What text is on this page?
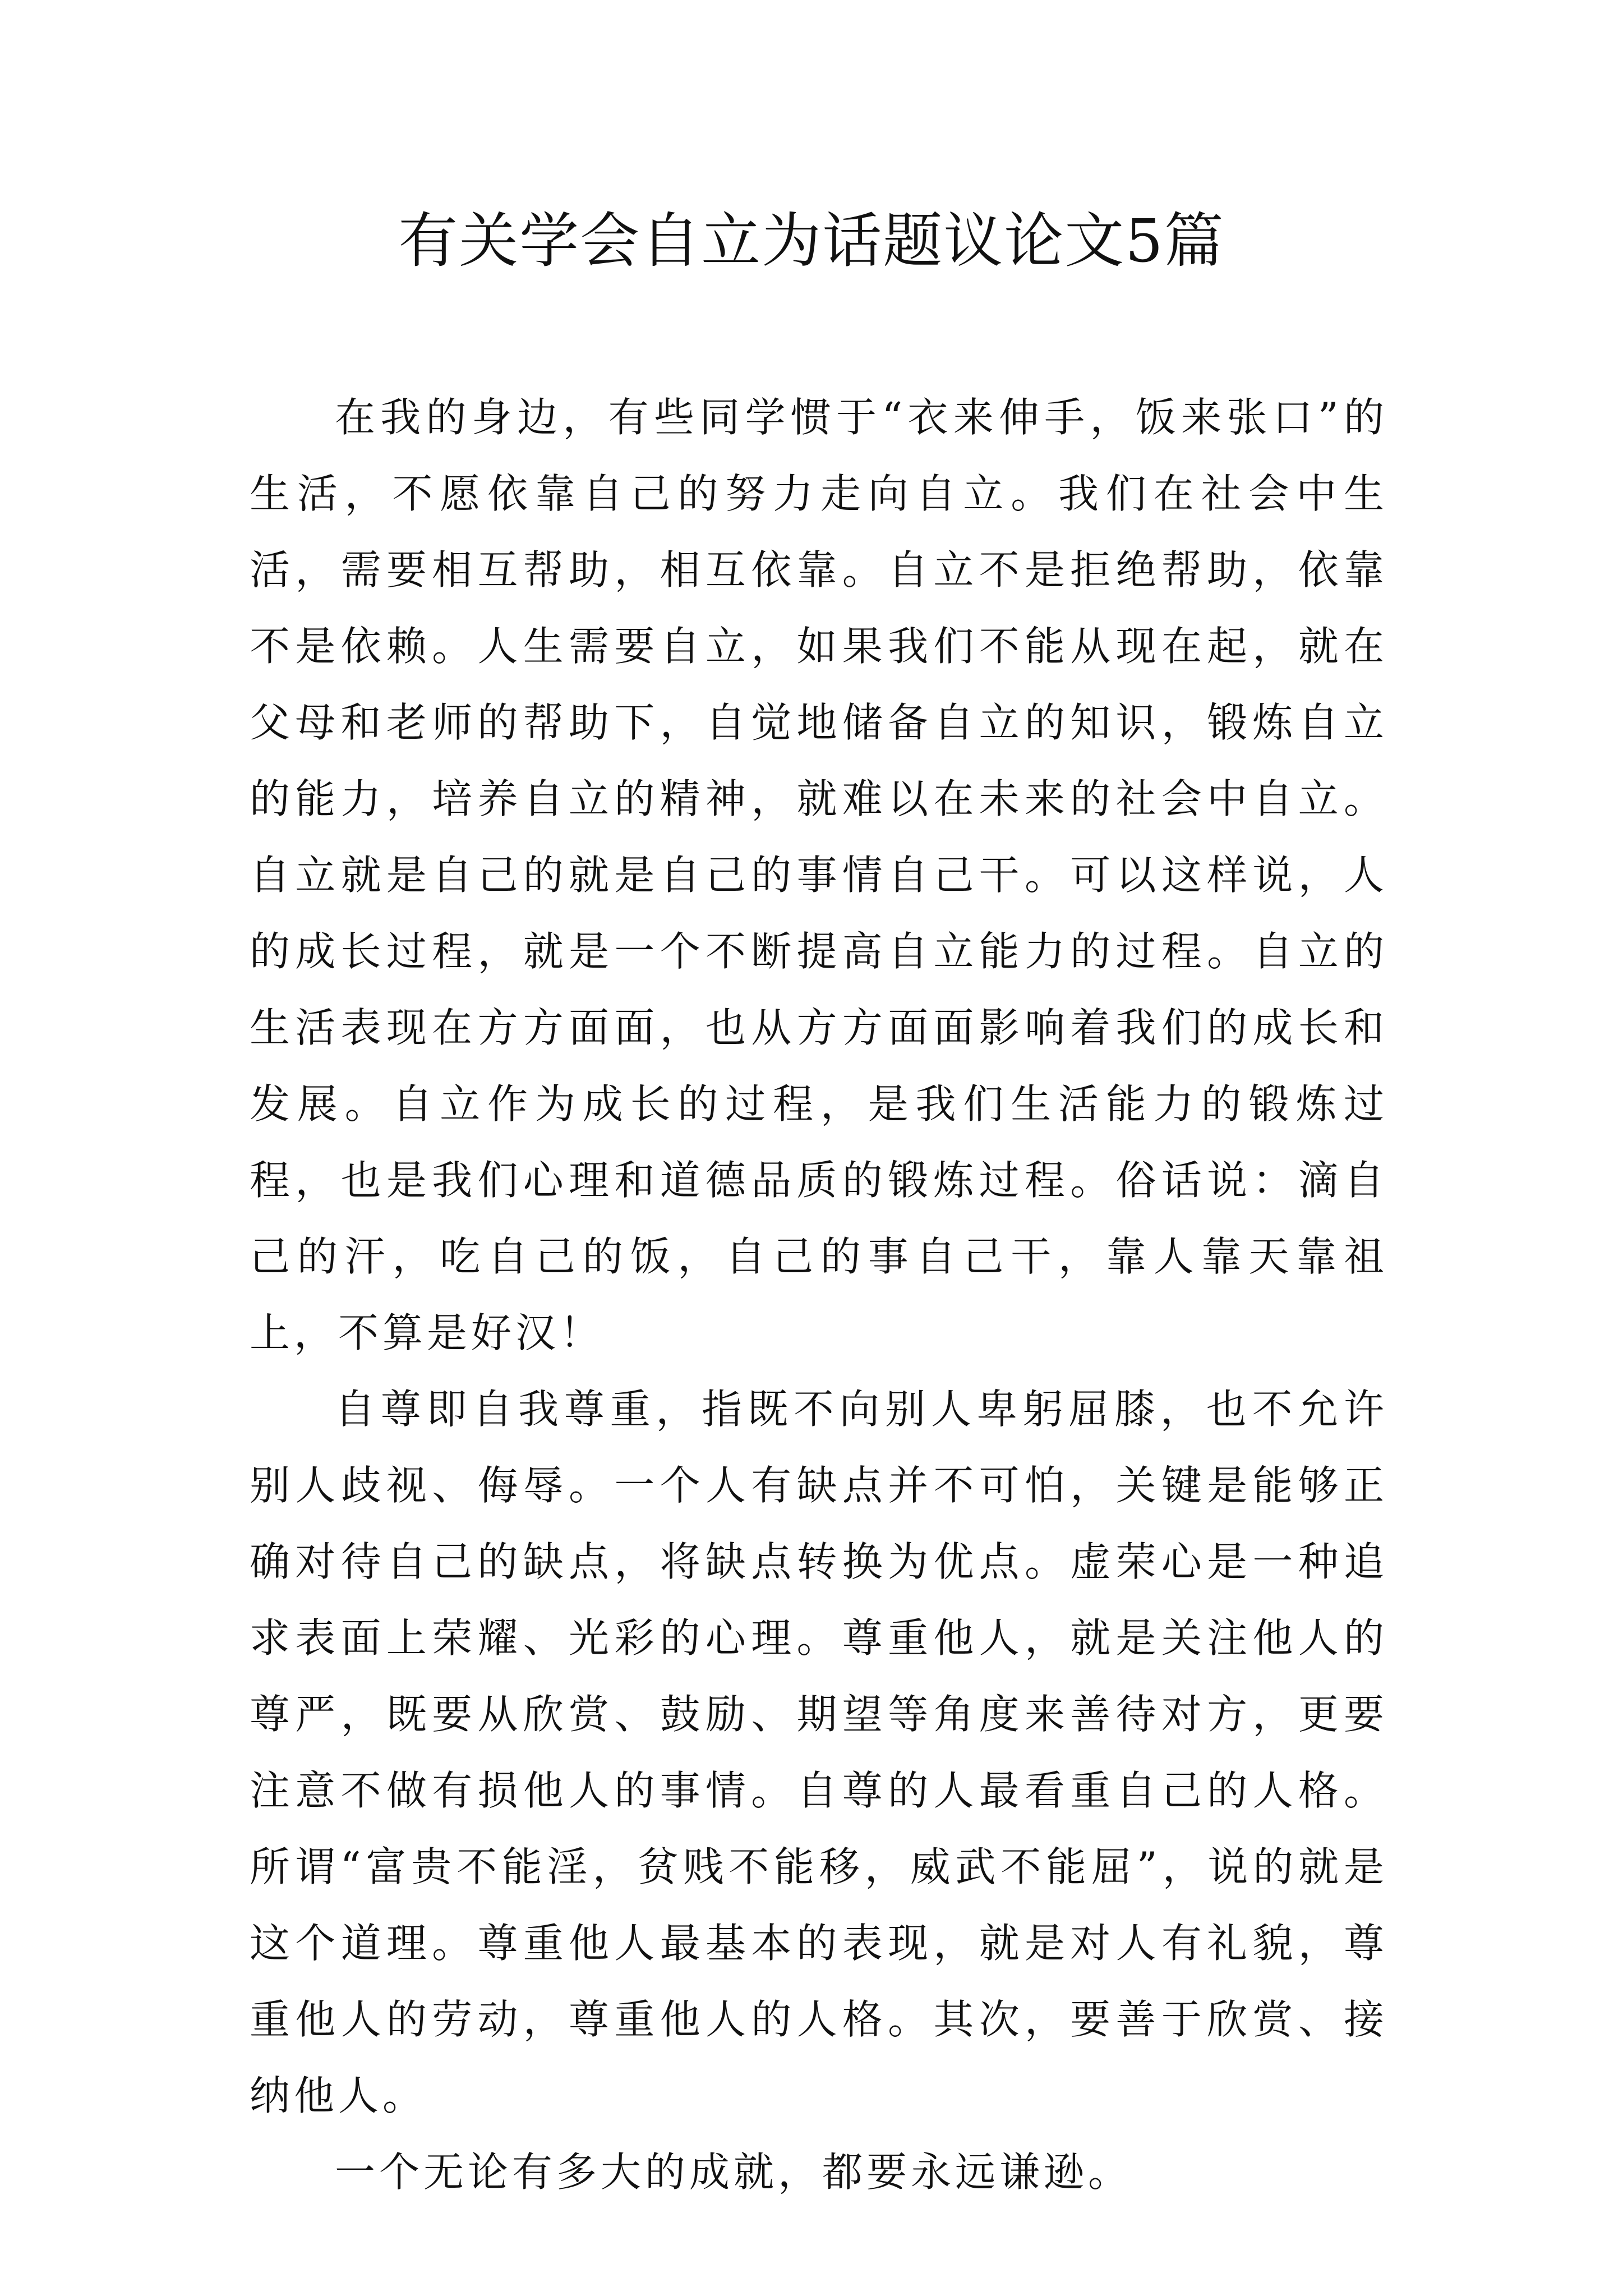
有关学会自立为话题议论文5篇

在我的身边，有些同学惯于“衣来伸手，饭来张口”的生活，不愿依靠自己的努力走向自立。我们在社会中生活，需要相互帮助，相互依靠。自立不是拒绝帮助，依靠不是依赖。人生需要自立，如果我们不能从现在起，就在父母和老师的帮助下，自觉地储备自立的知识，锻炼自立的能力，培养自立的精神，就难以在未来的社会中自立。自立就是自己的就是自己的事情自己干。可以这样说，人的成长过程，就是一个不断提高自立能力的过程。自立的生活表现在方方面面，也从方方面面影响着我们的成长和发展。自立作为成长的过程，是我们生活能力的锻炼过程，也是我们心理和道德品质的锻炼过程。俗话说：滴自己的汗，吃自己的饭，自己的事自己干，靠人靠天靠祖上，不算是好汉！

自尊即自我尊重，指既不向别人卑躬屈膝，也不允许别人歧视、侮辱。一个人有缺点并不可怕，关键是能够正确对待自己的缺点，将缺点转换为优点。虚荣心是一种追求表面上荣耀、光彩的心理。尊重他人，就是关注他人的尊严，既要从欣赏、鼓励、期望等角度来善待对方，更要注意不做有损他人的事情。自尊的人最看重自己的人格。所谓“富贵不能淫，贫贱不能移，威武不能屈”，说的就是这个道理。尊重他人最基本的表现，就是对人有礼貌，尊重他人的劳动，尊重他人的人格。其次，要善于欣赏、接纳他人。

一个无论有多大的成就，都要永远谦逊。
